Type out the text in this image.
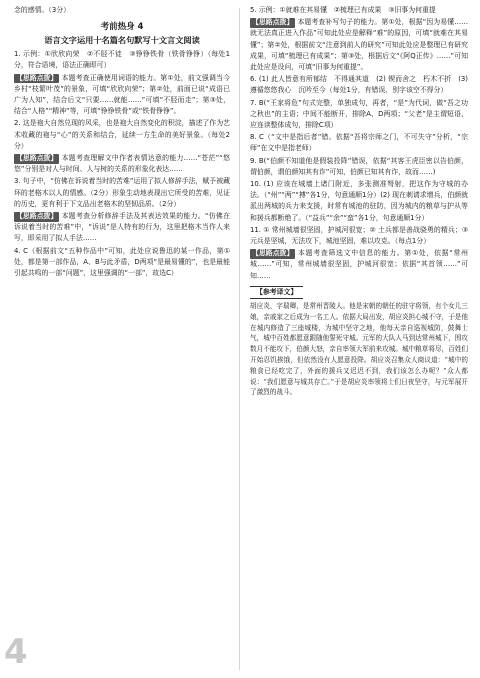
念的感情。（3分）

考前热身 4
语言文字运用十名篇名句默写十文言文阅读

1. 示例：①欣欣向荣　②不胫不徒　③铮铮铁骨（铁骨铮铮）（每处1分，符合语境，语法正确即可）

【思路点拨】 本题考查正确使用词语的能力。第①处，前文强调当今乡村“枝繁叶茂”的景象，可填“欣欣向荣”；第②处，前面已说“成语已广为人知”，结合后文“只要……就能……”可填“不胫而走”；第③处，结合“人格”“精神”等，可填“铮铮铁骨”或“铁骨铮铮”。

2. 这是袍大自然兑现的风采，也是袍大自然变化的积淀，描述了作为艺术收藏的袍与“心”的关系和结合，延续一方生命的美好景象。（每处2分）

【思路点拨】 本题考查理解文中作者表情达意的能力……“苍茫”“悠悠”分别是对人与时间、人与树的关系的形象化表达……

3. 句子中，“仿佛在诉说着当时的苦难”运用了拟人修辞手法，赋予被藏环的老格木以人的情感。（2分）形象生动地表现出它所受的苦难，见证的历史，更有利于下文品出老格木的坚韧品质。（2分）

【思路点拨】 本题考查分析修辞手法及其表达效果的能力。“仿佛在诉说着当时的苦难”中，“诉说”是人特有的行为，这里把格木当作人来写，即采用了拟人手法……

4. C（根据前文“五种作品中”可知，此处应说鲁迅的某一作品，第①处，都是第一部作品，A、B与此矛盾，D两项“是最易懂的”，也是最能引起共鸣的一部“问题”，这里强调的“一部”，故选C）

5. 示例：①就难在其易懂　②梳理已有成果　③旧事为何重提

【思路点拨】 本题考查补写句子的能力。第①处，根据“因为易懂……就无法真正进入作品”可知此处应是解释“难”的原因，可填“就难在其易懂”；第②处，根据前文“注意到前人的研究”可知此处应是整理已有研究成果，可填“梳理已有成果”；第③处，根据后文“《阿Q正传》……”可知此处应是设问，可填“旧事为何重提”。

6. (1) 此人皆意有所郁结　不得通其道　(2) 锲而舍之　朽木不折　(3) 遵循悠悠我心　沉吟至今（每处1分，有错误、别字该空不得分）

7. B(“王家将危”句式完整，单独成句，再者，“是”为代词，做“吾之功之秋也”的主语；中间不能断开，排除A、D两项；“父老”是主谓短语，应连读整体成句，排除C项）

8. C（“文中是指后者”错。依据“吾将宗师之门，不可失守”分析，“宗师”在文中是指老师）

9. B(“伯颜不知道他是假装投降”错误，依据“其客王虎臣密以告伯颜，谓伯颜，谓伯颜知其有诈”可知，伯颜已知其有诈，故而……)

10. (1) 应该在城墙上诸门附近，多张测准弩射，把这作为守城的办法。（“州”“两”“搏”各1分，句意通顺1分）(2) 现在刺请求增兵，伯颜就派出两城的兵力来支援，时常有城池的驻防，因为城内的粮草与护从等和援兵都断绝了。（“益兵”“余”“蛮”各1分，句意通顺1分）

11. ① 常州城墙很坚固，护城河很宽；② 土兵都是善战骁勇的精兵；③ 元兵是坚城，无法攻下，城池坚固，难以攻克。（每点1分）

【思路点拨】 本题考查筛选文中信息的能力。第①处，依据“常州城……”可知，常州城墙很坚固，护城河很宽；依据“其首领……”可知……

【参考译文】

胡应炎，字瑞卿，是常州晋陵人。他是宋朝的朝任的驻守将领，有个女儿三娘，亲戚家之后成为一名工人。依据大局出发，胡应炎担心城不守，于是他在城内修造了三座城楼，为城中坚守之地，他每天亲自巡视城防，鼓舞士气，城中百姓都愿意跟随他誓死守城。元军的大队人马到达常州城下，围攻数月不能攻下，伯颜大怒，亲自率领大军前来攻城。城中粮草将尽，百姓们开始忍饥挨饿，但依然没有人愿意投降。胡应炎召集众人商议道：“城中的粮食已经吃完了，外面的援兵又迟迟不到，我们该怎么办呢？”众人都说：“我们愿意与城共存亡。”于是胡应炎率领将士们日夜坚守，与元军展开了激烈的战斗。

4
